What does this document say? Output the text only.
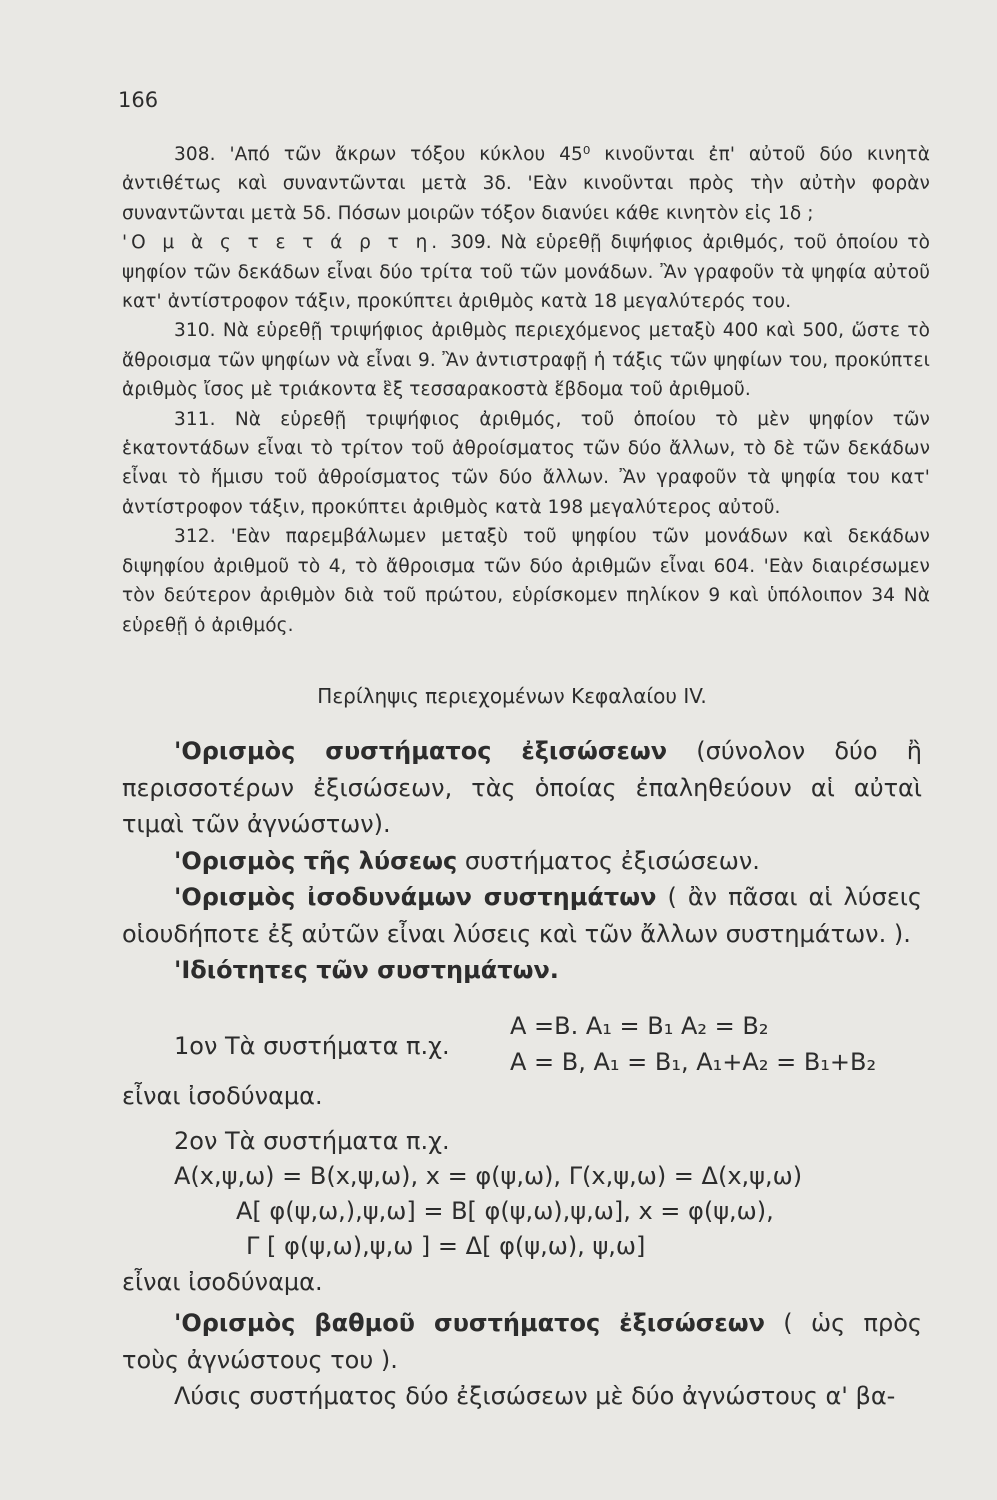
166

308. 'Από τῶν ἄκρων τόξου κύκλου 45⁰ κινοῦνται ἐπ' αὐτοῦ δύο κινητὰ ἀντιθέτως καὶ συναντῶνται μετὰ 3δ. 'Εὰν κινοῦνται πρὸς τὴν αὐτὴν φορὰν συναντῶνται μετὰ 5δ. Πόσων μοιρῶν τόξον διανύει κάθε κινητὸν εἰς 1δ ;

'Ο μ ὰ ς τ ε τ ά ρ τ η. 309. Νὰ εὑρεθῇ διψήφιος ἀριθμός, τοῦ ὁποίου τὸ ψηφίον τῶν δεκάδων εἶναι δύο τρίτα τοῦ τῶν μονάδων. Ἂν γραφοῦν τὰ ψηφία αὐτοῦ κατ' ἀντίστροφον τάξιν, προκύπτει ἀριθμὸς κατὰ 18 μεγαλύτερός του.

310. Νὰ εὑρεθῇ τριψήφιος ἀριθμὸς περιεχόμενος μεταξὺ 400 καὶ 500, ὥστε τὸ ἄθροισμα τῶν ψηφίων νὰ εἶναι 9. Ἂν ἀντιστραφῇ ἡ τάξις τῶν ψηφίων του, προκύπτει ἀριθμὸς ἴσος μὲ τριάκοντα ἓξ τεσσαρακοστὰ ἕβδομα τοῦ ἀριθμοῦ.

311. Νὰ εὑρεθῇ τριψήφιος ἀριθμός, τοῦ ὁποίου τὸ μὲν ψηφίον τῶν ἑκατοντάδων εἶναι τὸ τρίτον τοῦ ἀθροίσματος τῶν δύο ἄλλων, τὸ δὲ τῶν δεκάδων εἶναι τὸ ἥμισυ τοῦ ἀθροίσματος τῶν δύο ἄλλων. Ἂν γραφοῦν τὰ ψηφία του κατ' ἀντίστροφον τάξιν, προκύπτει ἀριθμὸς κατὰ 198 μεγαλύτερος αὐτοῦ.

312. 'Εὰν παρεμβάλωμεν μεταξὺ τοῦ ψηφίου τῶν μονάδων καὶ δεκάδων διψηφίου ἀριθμοῦ τὸ 4, τὸ ἄθροισμα τῶν δύο ἀριθμῶν εἶναι 604. 'Εὰν διαιρέσωμεν τὸν δεύτερον ἀριθμὸν διὰ τοῦ πρώτου, εὑρίσκομεν πηλίκον 9 καὶ ὑπόλοιπον 34 Νὰ εὑρεθῇ ὁ ἀριθμός.

Περίληψις περιεχομένων Κεφαλαίου IV.

'Ορισμὸς συστήματος ἐξισώσεων (σύνολον δύο ἢ περισσοτέρων ἐξισώσεων, τὰς ὁποίας ἐπαληθεύουν αἱ αὐταὶ τιμαὶ τῶν ἀγνώστων).

'Ορισμὸς τῆς λύσεως συστήματος ἐξισώσεων.

'Ορισμὸς ἰσοδυνάμων συστημάτων ( ἂν πᾶσαι αἱ λύσεις οἱουδήποτε ἐξ αὐτῶν εἶναι λύσεις καὶ τῶν ἄλλων συστημάτων. ).

'Ιδιότητες τῶν συστημάτων.

1ον Τὰ συστήματα π.χ.
A =B. A₁ = B₁ A₂ = B₂
A = B, A₁ = B₁, A₁+A₂ = B₁+B₂
εἶναι ἰσοδύναμα.
2ον Τὰ συστήματα π.χ.
A(x,ψ,ω) = B(x,ψ,ω), x = φ(ψ,ω), Γ(x,ψ,ω) = Δ(x,ψ,ω)
A[ φ(ψ,ω,),ψ,ω] = B[ φ(ψ,ω),ψ,ω], x = φ(ψ,ω),
Γ [ φ(ψ,ω),ψ,ω ] = Δ[ φ(ψ,ω), ψ,ω]
εἶναι ἰσοδύναμα.

'Ορισμὸς βαθμοῦ συστήματος ἐξισώσεων ( ὡς πρὸς τοὺς ἀγνώστους του ).

Λύσις συστήματος δύο ἐξισώσεων μὲ δύο ἀγνώστους α' βα-
